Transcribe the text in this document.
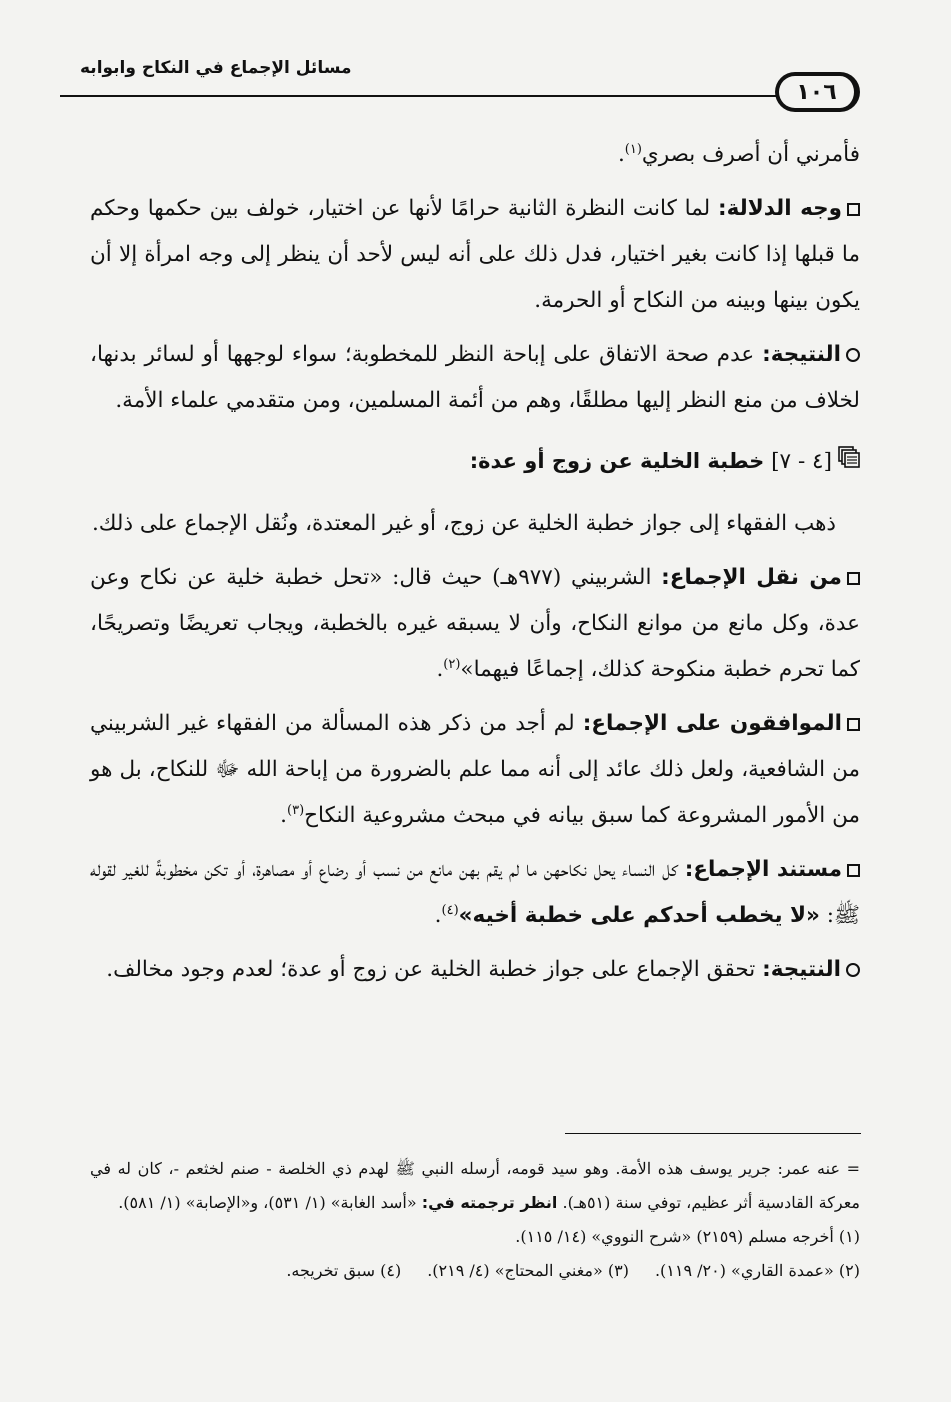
مسائل الإجماع في النكاح وابوابه
١٠٦

فأمرني أن أصرف بصري$^{(١)}$.

وجه الدلالة: لما كانت النظرة الثانية حرامًا لأنها عن اختيار، خولف بين حكمها وحكم ما قبلها إذا كانت بغير اختيار، فدل ذلك على أنه ليس لأحد أن ينظر إلى وجه امرأة إلا أن يكون بينها وبينه من النكاح أو الحرمة.

النتيجة: عدم صحة الاتفاق على إباحة النظر للمخطوبة؛ سواء لوجهها أو لسائر بدنها، لخلاف من منع النظر إليها مطلقًا، وهم من أئمة المسلمين، ومن متقدمي علماء الأمة.

[٤ - ٧] خطبة الخلية عن زوج أو عدة:

ذهب الفقهاء إلى جواز خطبة الخلية عن زوج، أو غير المعتدة، ونُقل الإجماع على ذلك.

من نقل الإجماع: الشربيني (٩٧٧هـ) حيث قال: «تحل خطبة خلية عن نكاح وعن عدة، وكل مانع من موانع النكاح، وأن لا يسبقه غيره بالخطبة، ويجاب تعريضًا وتصريحًا، كما تحرم خطبة منكوحة كذلك، إجماعًا فيهما»$^{(٢)}$.

الموافقون على الإجماع: لم أجد من ذكر هذه المسألة من الفقهاء غير الشربيني من الشافعية، ولعل ذلك عائد إلى أنه مما علم بالضرورة من إباحة الله ﷻ للنكاح، بل هو من الأمور المشروعة كما سبق بيانه في مبحث مشروعية النكاح$^{(٣)}$.

مستند الإجماع: كل النساء يحل نكاحهن ما لم يقم بهن مانع من نسب أو رضاع أو مصاهرة، أو تكن مخطوبةً للغير لقوله ﷺ: «لا يخطب أحدكم على خطبة أخيه»$^{(٤)}$.

النتيجة: تحقق الإجماع على جواز خطبة الخلية عن زوج أو عدة؛ لعدم وجود مخالف.

= عنه عمر: جرير يوسف هذه الأمة. وهو سيد قومه، أرسله النبي ﷺ لهدم ذي الخلصة - صنم لخثعم -، كان له في معركة القادسية أثر عظيم، توفي سنة (٥١هـ). انظر ترجمته في: «أسد الغابة» (١/ ٥٣١)، و«الإصابة» (١/ ٥٨١).

(١) أخرجه مسلم (٢١٥٩) «شرح النووي» (١٤/ ١١٥).

(٢) «عمدة القاري» (٢٠/ ١١٩).
(٣) «مغني المحتاج» (٤/ ٢١٩).
(٤) سبق تخريجه.
